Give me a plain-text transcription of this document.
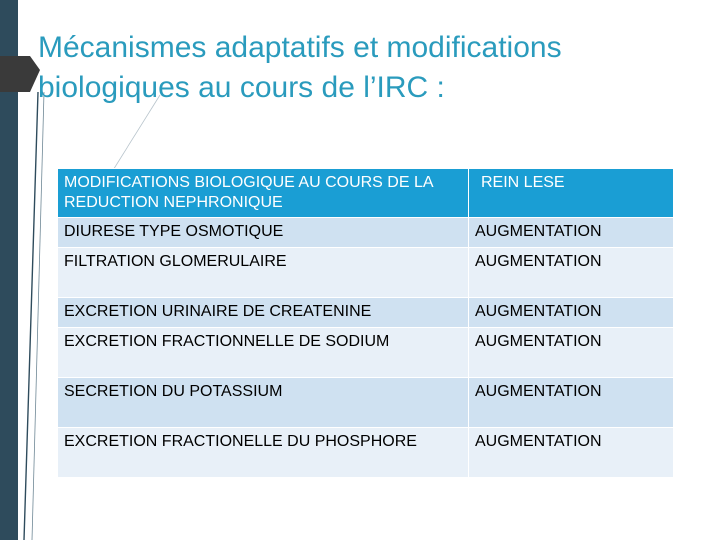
Mécanismes adaptatifs et modifications biologiques au cours de l’IRC :
MODIFICATIONS BIOLOGIQUE AU COURS DE LA REDUCTION NEPHRONIQUE	REIN LESE
DIURESE TYPE OSMOTIQUE	AUGMENTATION
FILTRATION GLOMERULAIRE	AUGMENTATION
EXCRETION URINAIRE DE CREATENINE	AUGMENTATION
EXCRETION FRACTIONNELLE DE SODIUM	AUGMENTATION
SECRETION DU POTASSIUM	AUGMENTATION
EXCRETION FRACTIONELLE DU PHOSPHORE	AUGMENTATION
